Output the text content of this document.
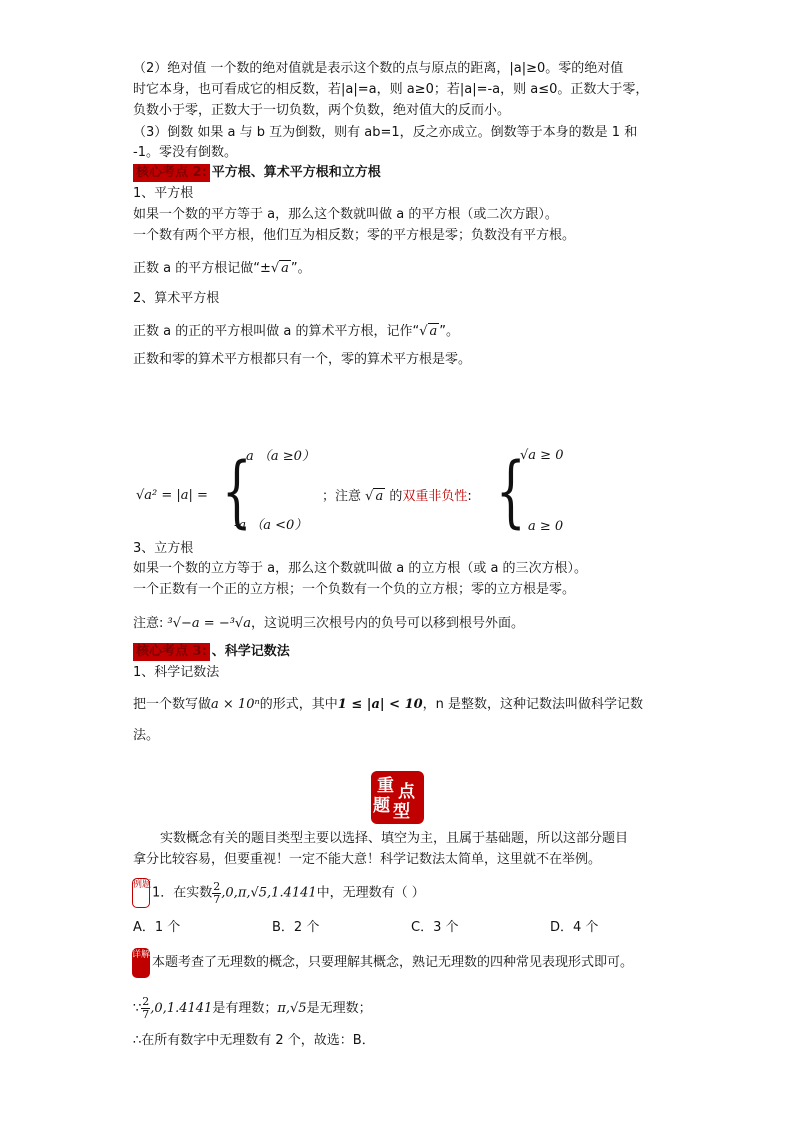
（2）绝对值 一个数的绝对值就是表示这个数的点与原点的距离，|a|≥0。零的绝对值
时它本身，也可看成它的相反数，若|a|=a，则 a≥0；若|a|=-a，则 a≤0。正数大于零，
负数小于零，正数大于一切负数，两个负数，绝对值大的反而小。
（3）倒数 如果 a 与 b 互为倒数，则有 ab=1，反之亦成立。倒数等于本身的数是 1 和
-1。零没有倒数。
核心考点 2: 平方根、算术平方根和立方根
1、平方根
如果一个数的平方等于 a，那么这个数就叫做 a 的平方根（或二次方跟）。
一个数有两个平方根，他们互为相反数；零的平方根是零；负数没有平方根。
正数 a 的平方根记做“±√ a ”。
2、算术平方根
正数 a 的正的平方根叫做 a 的算术平方根，记作“√ a ”。
正数和零的算术平方根都只有一个，零的算术平方根是零。
√a² = |a| = {
a （a ≥0）
-a （a <0）
；注意 √ a 的双重非负性: {
√a ≥ 0
a ≥ 0
3、立方根
如果一个数的立方等于 a，那么这个数就叫做 a 的立方根（或 a 的三次方根）。
一个正数有一个正的立方根；一个负数有一个负的立方根；零的立方根是零。
注意: ³√−a = −³√a，这说明三次根号内的负号可以移到根号外面。
核心考点 3: 、科学记数法
1、科学记数法
把一个数写做a × 10ⁿ的形式，其中1 ≤ |a| < 10，n 是整数，这种记数法叫做科学记数
法。
重 点
题 型
实数概念有关的题目类型主要以选择、填空为主，且属于基础题，所以这部分题目
拿分比较容易，但要重视！一定不能大意！科学记数法太简单，这里就不在举例。
例题1．在实数 $\frac{2}{7} ,0,\pi,√5,1.4141$中，无理数有（ ）
A．1 个	B．2 个	C．3 个	D．4 个
详解本题考查了无理数的概念，只要理解其概念，熟记无理数的四种常见表现形式即可。
∵ $\frac{2}{7} ,0,1.4141$是有理数；π,√5是无理数；
∴在所有数字中无理数有 2 个，故选：B．
